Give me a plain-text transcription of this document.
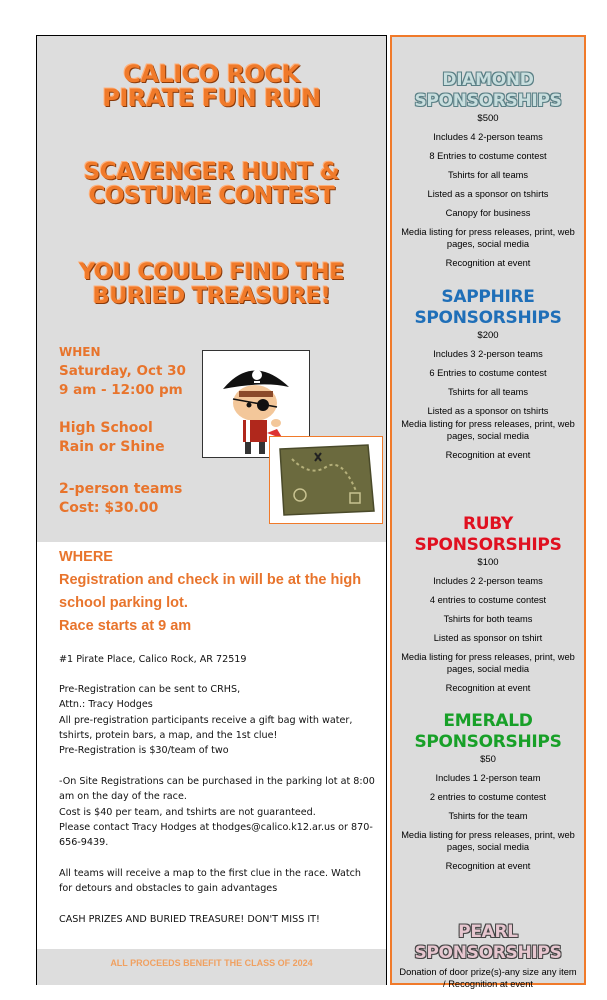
CALICO ROCK
PIRATE FUN RUN
SCAVENGER HUNT &
COSTUME CONTEST
YOU COULD FIND THE
BURIED TREASURE!
WHEN
Saturday, Oct 30
9 am - 12:00 pm
High School
Rain or Shine
2-person teams
Cost: $30.00
WHERE
Registration and check in will be at the high
school parking lot.
Race starts at 9 am
#1 Pirate Place, Calico Rock, AR 72519
Pre-Registration can be sent to CRHS,
Attn.: Tracy Hodges
All pre-registration participants receive a gift bag with water,
tshirts, protein bars, a map, and the 1st clue!
Pre-Registration is $30/team of two
-On Site Registrations can be purchased in the parking lot at 8:00
am on the day of the race.
Cost is $40 per team, and tshirts are not guaranteed.
Please contact Tracy Hodges at thodges@calico.k12.ar.us or 870-
656-9439.
All teams will receive a map to the first clue in the race. Watch
for detours and obstacles to gain advantages
CASH PRIZES AND BURIED TREASURE! DON'T MISS IT!
ALL PROCEEDS BENEFIT THE CLASS OF 2024
DIAMOND
SPONSORSHIPS
$500
Includes 4 2-person teams
8 Entries to costume contest
Tshirts for all teams
Listed as a sponsor on tshirts
Canopy for business
Media listing for press releases, print, web pages, social media
Recognition at event
SAPPHIRE
SPONSORSHIPS
$200
Includes 3 2-person teams
6 Entries to costume contest
Tshirts for all teams
Listed as a sponsor on tshirts
Media listing for press releases, print, web pages, social media
Recognition at event
RUBY
SPONSORSHIPS
$100
Includes 2 2-person teams
4 entries to costume contest
Tshirts for both teams
Listed as sponsor on tshirt
Media listing for press releases, print, web pages, social media
Recognition at event
EMERALD
SPONSORSHIPS
$50
Includes 1 2-person team
2 entries to costume contest
Tshirts for the team
Media listing for press releases, print, web pages, social media
Recognition at event
PEARL
SPONSORSHIPS
Donation of door prize(s)-any size any item / Recognition at event
